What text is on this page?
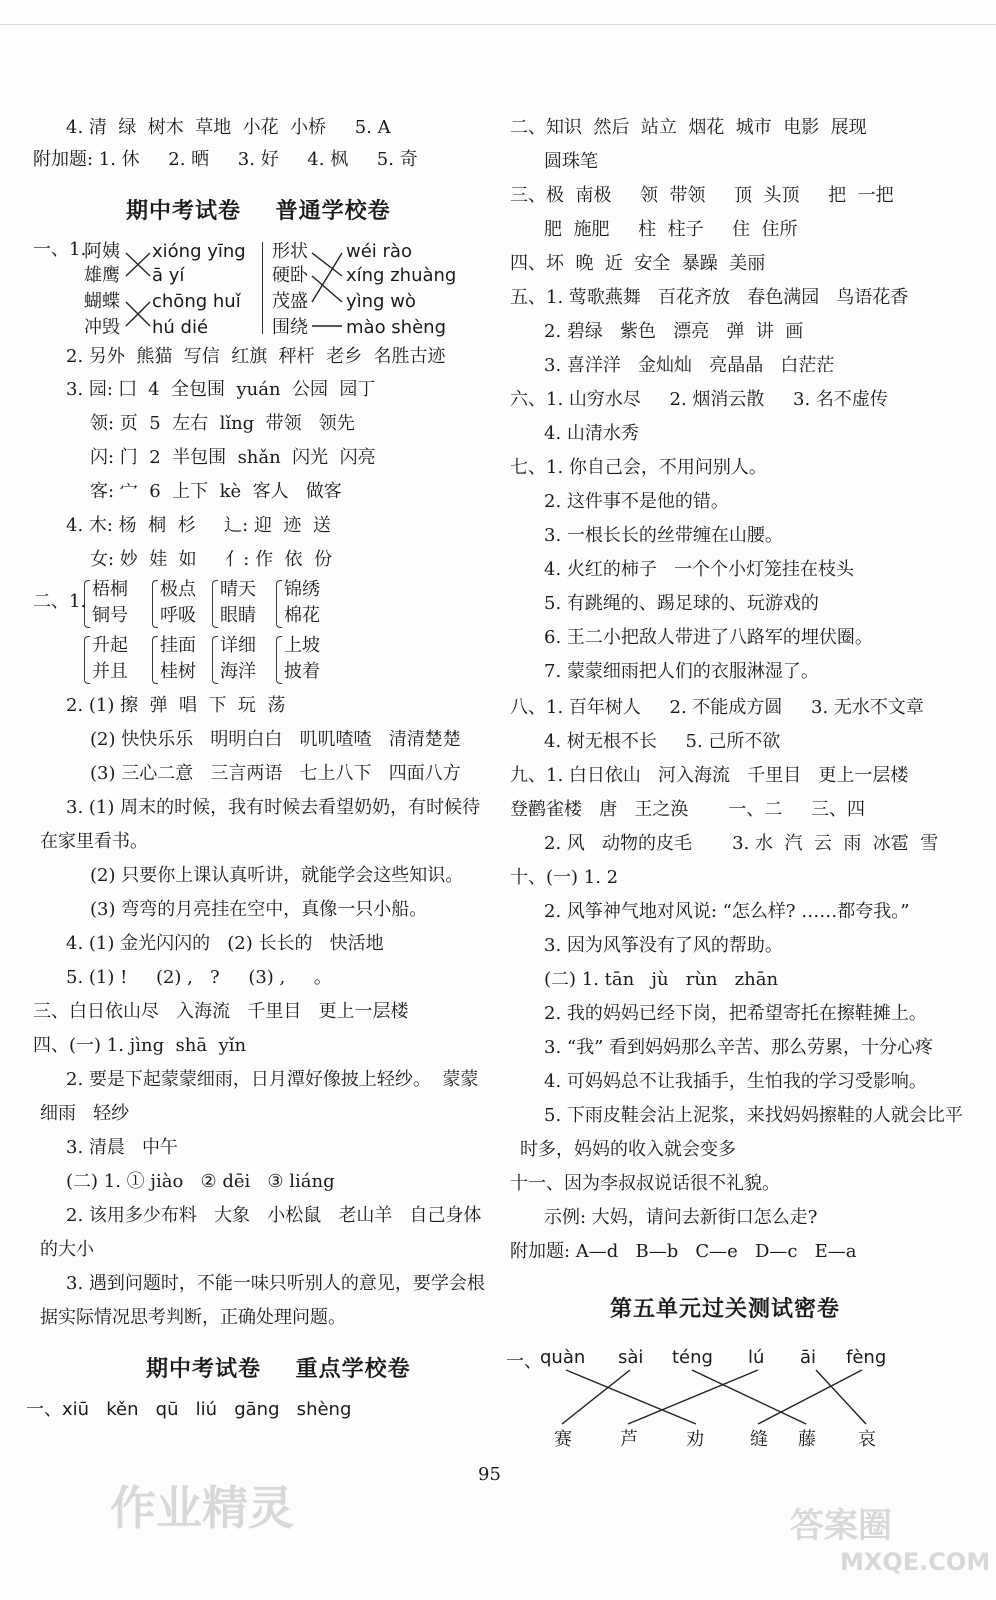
4. 清  绿  树木  草地  小花  小桥     5. A
附加题: 1. 休     2. 晒     3. 好     4. 枫     5. 奇
期中考试卷    普通学校卷
一、1.
阿姨
雄鹰
蝴蝶
冲毁
xióng yīng
ā yí
chōng huǐ
hú dié
形状
硬卧
茂盛
围绕
wéi rào
xíng zhuàng
yìng wò
mào shèng
2. 另外  熊猫  写信  红旗  秤杆  老乡  名胜古迹
3. 园: 囗  4  全包围  yuán  公园  园丁
领: 页  5  左右  lǐng  带领   领先
闪: 门  2  半包围  shǎn  闪光  闪亮
客: 宀  6  上下  kè  客人   做客
4. 木: 杨  桐  杉     辶: 迎  迹  送
女: 妙  娃  如     亻: 作  依  份
二、1.
梧桐
铜号
极点
呼吸
晴天
眼睛
锦绣
棉花
升起
并且
挂面
桂树
详细
海洋
上坡
披着
2. (1) 擦  弹  唱  下  玩  荡
(2) 快快乐乐   明明白白   叽叽喳喳   清清楚楚
(3) 三心二意   三言两语   七上八下   四面八方
3. (1) 周末的时候，我有时候去看望奶奶，有时候待
在家里看书。
(2) 只要你上课认真听讲，就能学会这些知识。
(3) 弯弯的月亮挂在空中，真像一只小船。
4. (1) 金光闪闪的   (2) 长长的   快活地
5. (1) !     (2) ,   ?     (3) ,     。
三、白日依山尽   入海流   千里目   更上一层楼
四、(一) 1. jìng  shā  yǐn
2. 要是下起蒙蒙细雨，日月潭好像披上轻纱。  蒙蒙
细雨   轻纱
3. 清晨   中午
(二) 1. ① jiào   ② dēi   ③ liáng
2. 该用多少布料   大象   小松鼠   老山羊   自己身体
的大小
3. 遇到问题时，不能一味只听别人的意见，要学会根
据实际情况思考判断，正确处理问题。
期中考试卷    重点学校卷
一、xiū   kěn   qū   liú   gāng   shèng
二、知识  然后  站立  烟花  城市  电影  展现
圆珠笔
三、极  南极     领  带领     顶  头顶     把  一把
肥  施肥     柱  柱子     住  住所
四、坏  晚  近  安全  暴躁  美丽
五、1. 莺歌燕舞   百花齐放   春色满园   鸟语花香
2. 碧绿   紫色   漂亮   弹  讲  画
3. 喜洋洋   金灿灿   亮晶晶   白茫茫
六、1. 山穷水尽     2. 烟消云散     3. 名不虚传
4. 山清水秀
七、1. 你自己会，不用问别人。
2. 这件事不是他的错。
3. 一根长长的丝带缠在山腰。
4. 火红的柿子   一个个小灯笼挂在枝头
5. 有跳绳的、踢足球的、玩游戏的
6. 王二小把敌人带进了八路军的埋伏圈。
7. 蒙蒙细雨把人们的衣服淋湿了。
八、1. 百年树人     2. 不能成方圆     3. 无水不文章
4. 树无根不长     5. 己所不欲
九、1. 白日依山   河入海流   千里目   更上一层楼
登鹳雀楼   唐   王之涣       一、二     三、四
2. 风   动物的皮毛       3. 水  汽  云  雨  冰雹  雪
十、(一) 1. 2
2. 风筝神气地对风说: “怎么样? ……都夸我。”
3. 因为风筝没有了风的帮助。
(二) 1. tān   jù   rùn   zhān
2. 我的妈妈已经下岗，把希望寄托在擦鞋摊上。
3. “我” 看到妈妈那么辛苦、那么劳累，十分心疼
4. 可妈妈总不让我插手，生怕我的学习受影响。
5. 下雨皮鞋会沾上泥浆，来找妈妈擦鞋的人就会比平
时多，妈妈的收入就会变多
十一、因为李叔叔说话很不礼貌。
示例: 大妈，请问去新街口怎么走?
附加题: A—d   B—b   C—e   D—c   E—a
第五单元过关测试密卷
一、
quàn sài téng lú āi fèng
赛	芦	劝	缝 藤 哀
95
作业精灵	答案圈
MXQE.COM
